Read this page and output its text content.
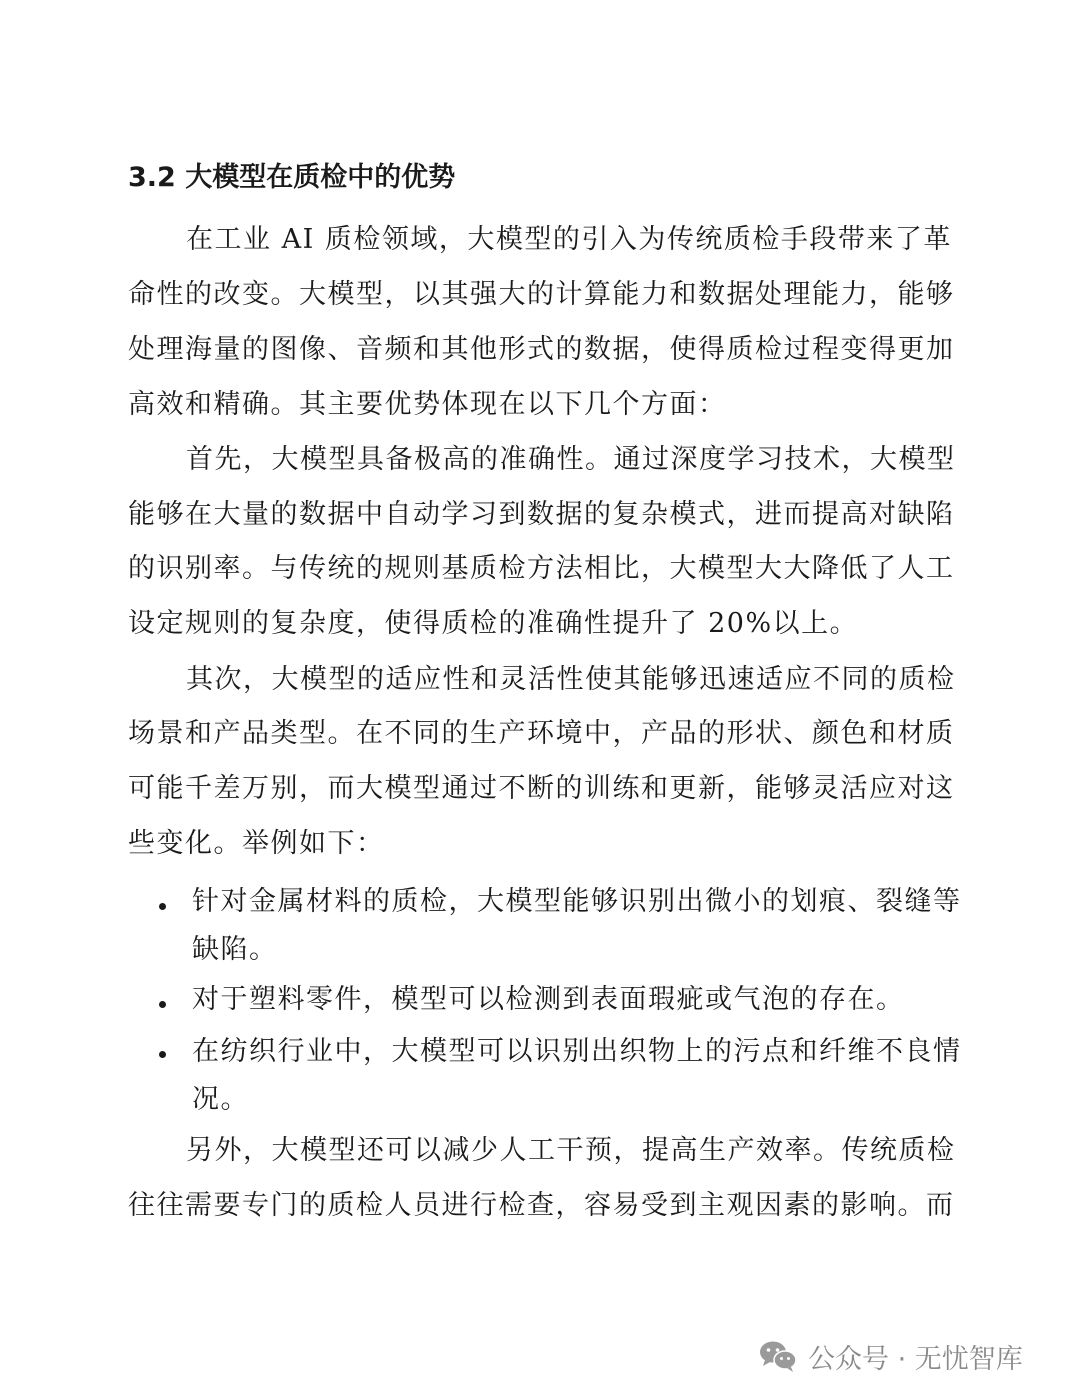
3.2 大模型在质检中的优势
在工业 AI 质检领域，大模型的引入为传统质检手段带来了革
命性的改变。大模型，以其强大的计算能力和数据处理能力，能够
处理海量的图像、音频和其他形式的数据，使得质检过程变得更加
高效和精确。其主要优势体现在以下几个方面：
首先，大模型具备极高的准确性。通过深度学习技术，大模型
能够在大量的数据中自动学习到数据的复杂模式，进而提高对缺陷
的识别率。与传统的规则基质检方法相比，大模型大大降低了人工
设定规则的复杂度，使得质检的准确性提升了 20%以上。
其次，大模型的适应性和灵活性使其能够迅速适应不同的质检
场景和产品类型。在不同的生产环境中，产品的形状、颜色和材质
可能千差万别，而大模型通过不断的训练和更新，能够灵活应对这
些变化。举例如下：
针对金属材料的质检，大模型能够识别出微小的划痕、裂缝等
缺陷。
对于塑料零件，模型可以检测到表面瑕疵或气泡的存在。
在纺织行业中，大模型可以识别出织物上的污点和纤维不良情
况。
另外，大模型还可以减少人工干预，提高生产效率。传统质检
往往需要专门的质检人员进行检查，容易受到主观因素的影响。而
公众号 · 无忧智库
